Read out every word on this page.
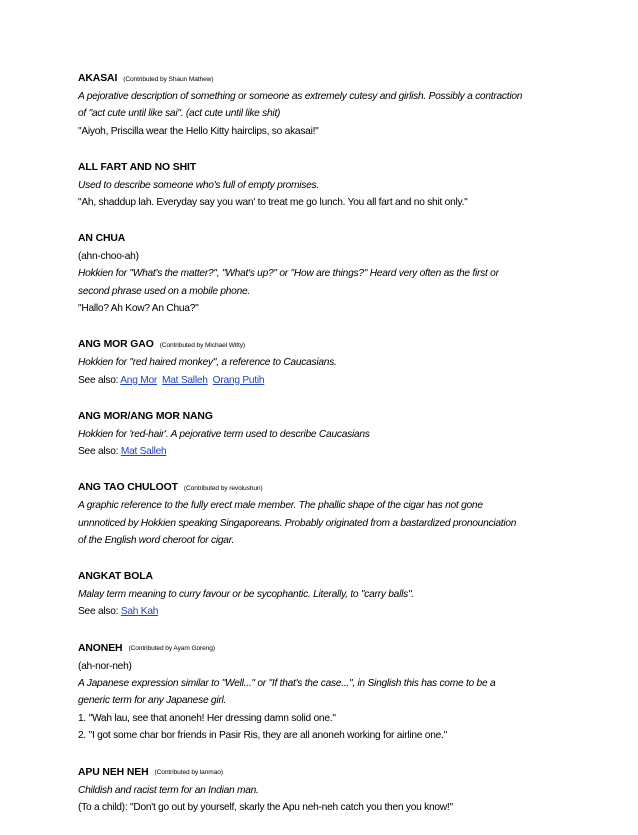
AKASAI (Contributed by Shaun Mathew)
A pejorative description of something or someone as extremely cutesy and girlish. Possibly a contraction
of "act cute until like sai". (act cute until like shit)
"Aiyoh, Priscilla wear the Hello Kitty hairclips, so akasai!"
ALL FART AND NO SHIT
Used to describe someone who's full of empty promises.
"Ah, shaddup lah. Everyday say you wan' to treat me go lunch. You all fart and no shit only."
AN CHUA
(ahn-choo-ah)
Hokkien for "What's the matter?", "What's up?" or "How are things?" Heard very often as the first or
second phrase used on a mobile phone.
"Hallo? Ah Kow? An Chua?"
ANG MOR GAO (Contributed by Michael Witty)
Hokkien for "red haired monkey", a reference to Caucasians.
See also: Ang Mor Mat Salleh Orang Putih
ANG MOR/ANG MOR NANG
Hokkien for 'red-hair'. A pejorative term used to describe Caucasians
See also: Mat Salleh
ANG TAO CHULOOT (Contributed by revolushun)
A graphic reference to the fully erect male member. The phallic shape of the cigar has not gone
unnnoticed by Hokkien speaking Singaporeans. Probably originated from a bastardized pronounciation
of the English word cheroot for cigar.
ANGKAT BOLA
Malay term meaning to curry favour or be sycophantic. Literally, to "carry balls".
See also: Sah Kah
ANONEH (Contributed by Ayam Goreng)
(ah-nor-neh)
A Japanese expression similar to "Well..." or "If that's the case...", in Singlish this has come to be a
generic term for any Japanese girl.
1. "Wah lau, see that anoneh! Her dressing damn solid one."
2. "I got some char bor friends in Pasir Ris, they are all anoneh working for airline one."
APU NEH NEH (Contributed by lanmao)
Childish and racist term for an Indian man.
(To a child): "Don't go out by yourself, skarly the Apu neh-neh catch you then you know!"
